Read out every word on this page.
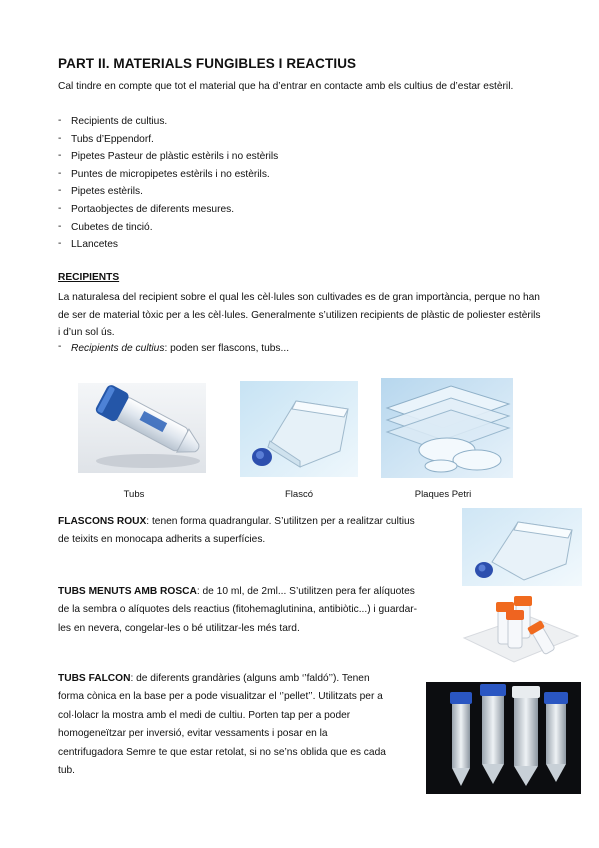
PART II. MATERIALS FUNGIBLES I REACTIUS
Cal tindre en compte que tot el material que ha d’entrar en contacte amb els cultius de d’estar estèril.
- Recipients de cultius.
- Tubs d’Eppendorf.
- Pipetes Pasteur de plàstic estèrils i no estèrils
- Puntes de micropipetes estèrils i no estèrils.
- Pipetes estèrils.
- Portaobjectes de diferents mesures.
- Cubetes de tinció.
- LLancetes
RECIPIENTS
La naturalesa del recipient sobre el qual les cèl·lules son cultivades es de gran importància, perque no han de ser de material tòxic per a les cèl·lules. Generalmente s’utilizen recipients de plàstic de poliester estèrils i d’un sol ús.
- Recipients de cultius: poden ser flascons, tubs...
Tubs	Flascó	Plaques Petri
FLASCONS ROUX: tenen forma quadrangular. S’utilitzen per a realitzar cultius
de teixits en monocapa adherits a superfícies.
TUBS MENUTS AMB ROSCA: de 10 ml, de 2ml... S’utilitzen pera fer alíquotes
de la sembra o alíquotes dels reactius (fitohemaglutinina, antibiòtic...) i guardar-
les en nevera, congelar-les o bé utilitzar-les més tard.
TUBS FALCON: de diferents grandàries (alguns amb ‘’faldó’’). Tenen
forma cònica en la base per a pode visualitzar el ‘’pellet’’. Utilitzats per a
col·lolacr la mostra amb el medi de cultiu. Porten tap per a poder
homogeneïtzar per inversió, evitar vessaments i posar en la
centrifugadora Semre te que estar retolat, si no se’ns oblida que es cada
tub.
